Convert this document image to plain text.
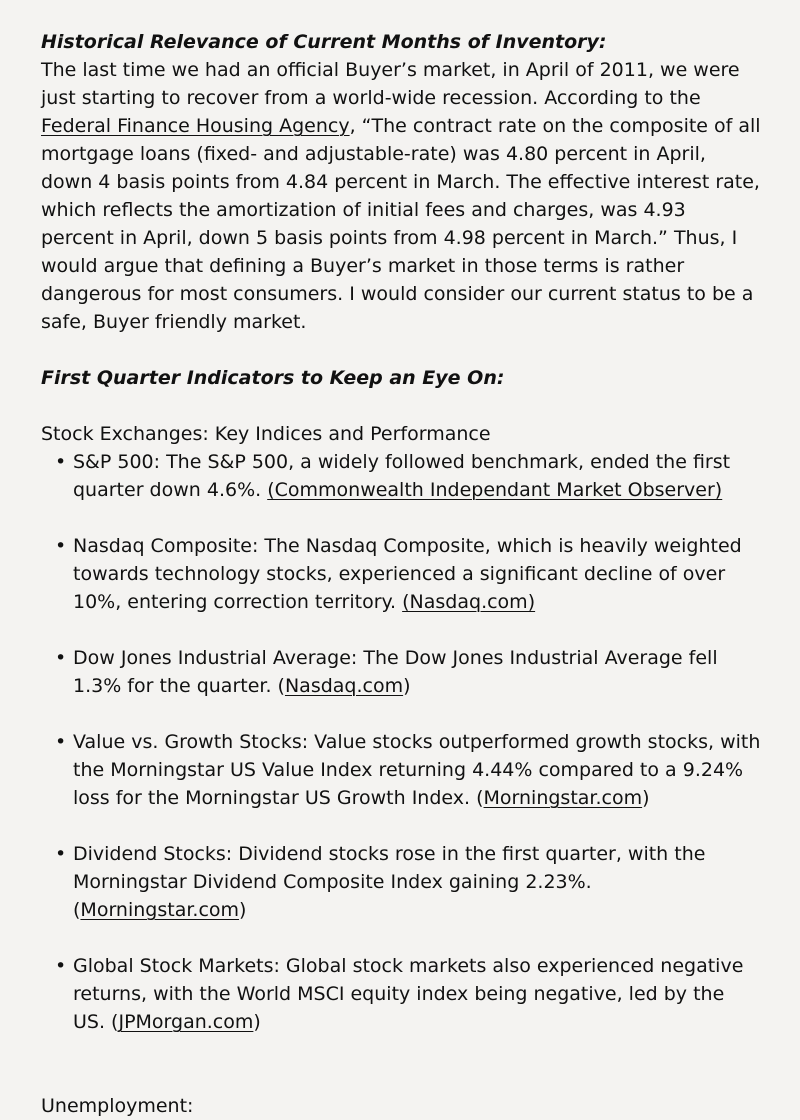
Historical Relevance of Current Months of Inventory:

The last time we had an official Buyer’s market, in April of 2011, we were just starting to recover from a world-wide recession. According to the Federal Finance Housing Agency, “The contract rate on the composite of all mortgage loans (fixed- and adjustable-rate) was 4.80 percent in April, down 4 basis points from 4.84 percent in March. The effective interest rate, which reflects the amortization of initial fees and charges, was 4.93 percent in April, down 5 basis points from 4.98 percent in March.” Thus, I would argue that defining a Buyer’s market in those terms is rather dangerous for most consumers. I would consider our current status to be a safe, Buyer friendly market.

First Quarter Indicators to Keep an Eye On:

Stock Exchanges: Key Indices and Performance

• S&P 500: The S&P 500, a widely followed benchmark, ended the first quarter down 4.6%. (Commonwealth Independant Market Observer)
• Nasdaq Composite: The Nasdaq Composite, which is heavily weighted towards technology stocks, experienced a significant decline of over 10%, entering correction territory. (Nasdaq.com)
• Dow Jones Industrial Average: The Dow Jones Industrial Average fell 1.3% for the quarter. (Nasdaq.com)
• Value vs. Growth Stocks: Value stocks outperformed growth stocks, with the Morningstar US Value Index returning 4.44% compared to a 9.24% loss for the Morningstar US Growth Index. (Morningstar.com)
• Dividend Stocks: Dividend stocks rose in the first quarter, with the Morningstar Dividend Composite Index gaining 2.23%. (Morningstar.com)
• Global Stock Markets: Global stock markets also experienced negative returns, with the World MSCI equity index being negative, led by the US. (JPMorgan.com)

Unemployment:
